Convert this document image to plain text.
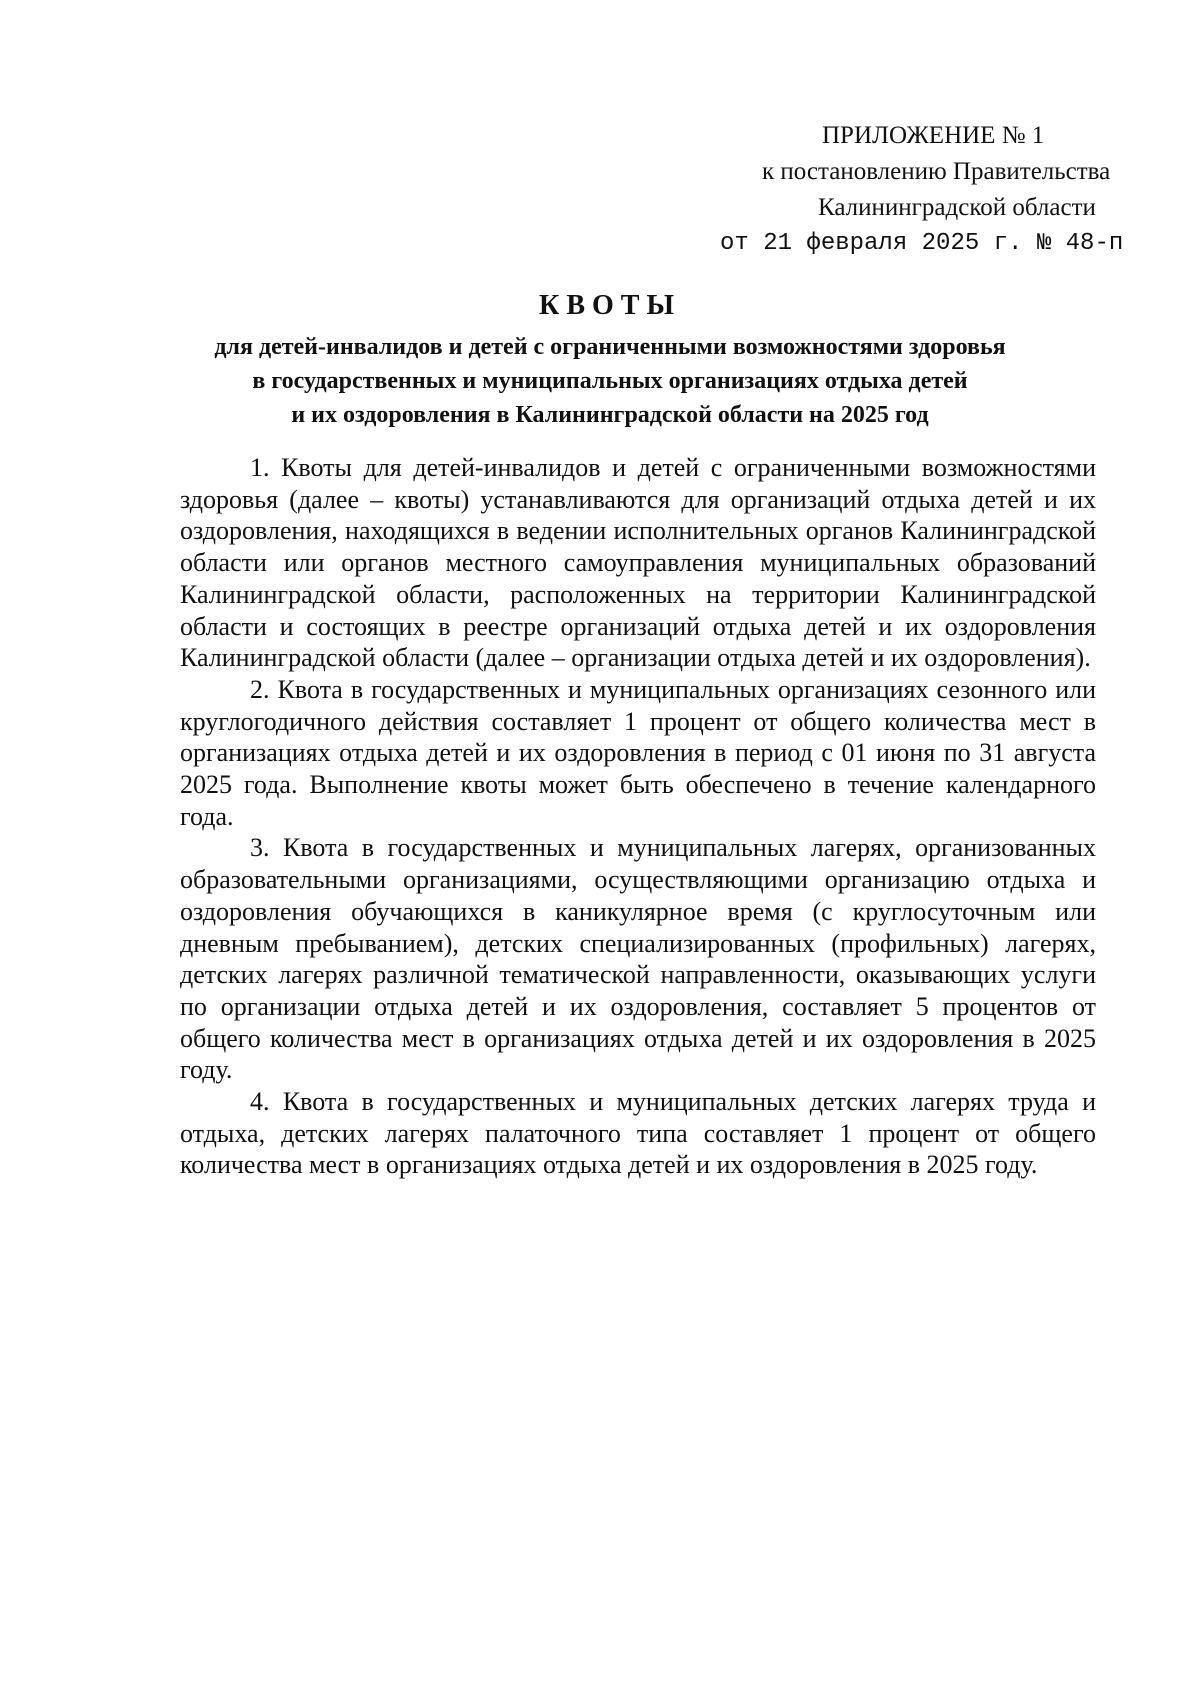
ПРИЛОЖЕНИЕ № 1
к постановлению Правительства
Калининградской области
от 21 февраля 2025 г. № 48-п
КВОТЫ
для детей-инвалидов и детей с ограниченными возможностями здоровья
в государственных и муниципальных организациях отдыха детей
и их оздоровления в Калининградской области на 2025 год

1. Квоты для детей-инвалидов и детей с ограниченными возможностями здоровья (далее – квоты) устанавливаются для организаций отдыха детей и их оздоровления, находящихся в ведении исполнительных органов Калининградской области или органов местного самоуправления муниципальных образований Калининградской области, расположенных на территории Калининградской области и состоящих в реестре организаций отдыха детей и их оздоровления Калининградской области (далее – организации отдыха детей и их оздоровления).

2. Квота в государственных и муниципальных организациях сезонного или круглогодичного действия составляет 1 процент от общего количества мест в организациях отдыха детей и их оздоровления в период с 01 июня по 31 августа 2025 года. Выполнение квоты может быть обеспечено в течение календарного года.

3. Квота в государственных и муниципальных лагерях, организованных образовательными организациями, осуществляющими организацию отдыха и оздоровления обучающихся в каникулярное время (с круглосуточным или дневным пребыванием), детских специализированных (профильных) лагерях, детских лагерях различной тематической направленности, оказывающих услуги по организации отдыха детей и их оздоровления, составляет 5 процентов от общего количества мест в организациях отдыха детей и их оздоровления в 2025 году.

4. Квота в государственных и муниципальных детских лагерях труда и отдыха, детских лагерях палаточного типа составляет 1 процент от общего количества мест в организациях отдыха детей и их оздоровления в 2025 году.
